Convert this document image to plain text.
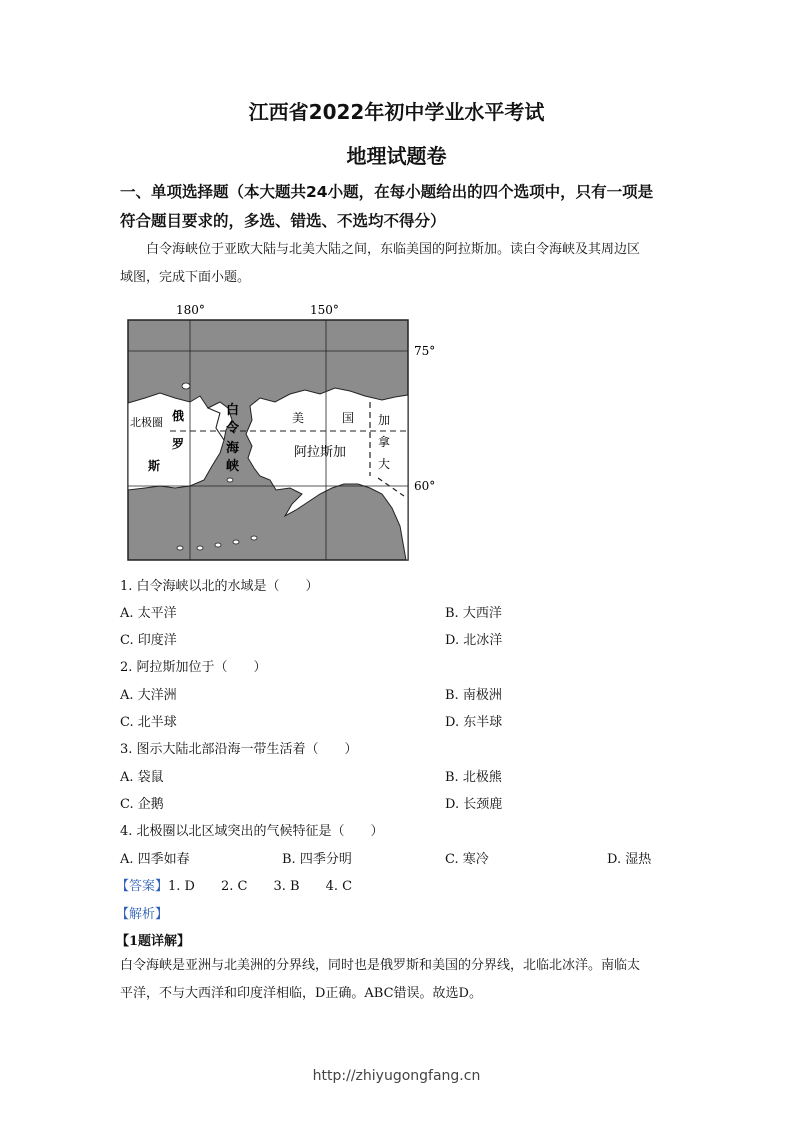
江西省2022年初中学业水平考试
地理试题卷
一、单项选择题（本大题共24小题，在每小题给出的四个选项中，只有一项是
符合题目要求的，多选、错选、不选均不得分）
白令海峡位于亚欧大陆与北美大陆之间，东临美国的阿拉斯加。读白令海峡及其周边区
域图，完成下面小题。
180°	150°
75°
60°
北极圈 俄
罗
斯
白
令
海
峡
美	国
阿拉斯加
加
拿
大
1. 白令海峡以北的水域是（　　）
A. 太平洋	B. 大西洋
C. 印度洋	D. 北冰洋
2. 阿拉斯加位于（　　）
A. 大洋洲	B. 南极洲
C. 北半球	D. 东半球
3. 图示大陆北部沿海一带生活着（　　）
A. 袋鼠	B. 北极熊
C. 企鹅	D. 长颈鹿
4. 北极圈以北区域突出的气候特征是（　　）
A. 四季如春	B. 四季分明	C. 寒冷	D. 湿热
【答案】1. D 2. C 3. B 4. C
【解析】
【1题详解】
白令海峡是亚洲与北美洲的分界线，同时也是俄罗斯和美国的分界线，北临北冰洋。南临太
平洋，不与大西洋和印度洋相临，D正确。ABC错误。故选D。
http://zhiyugongfang.cn
